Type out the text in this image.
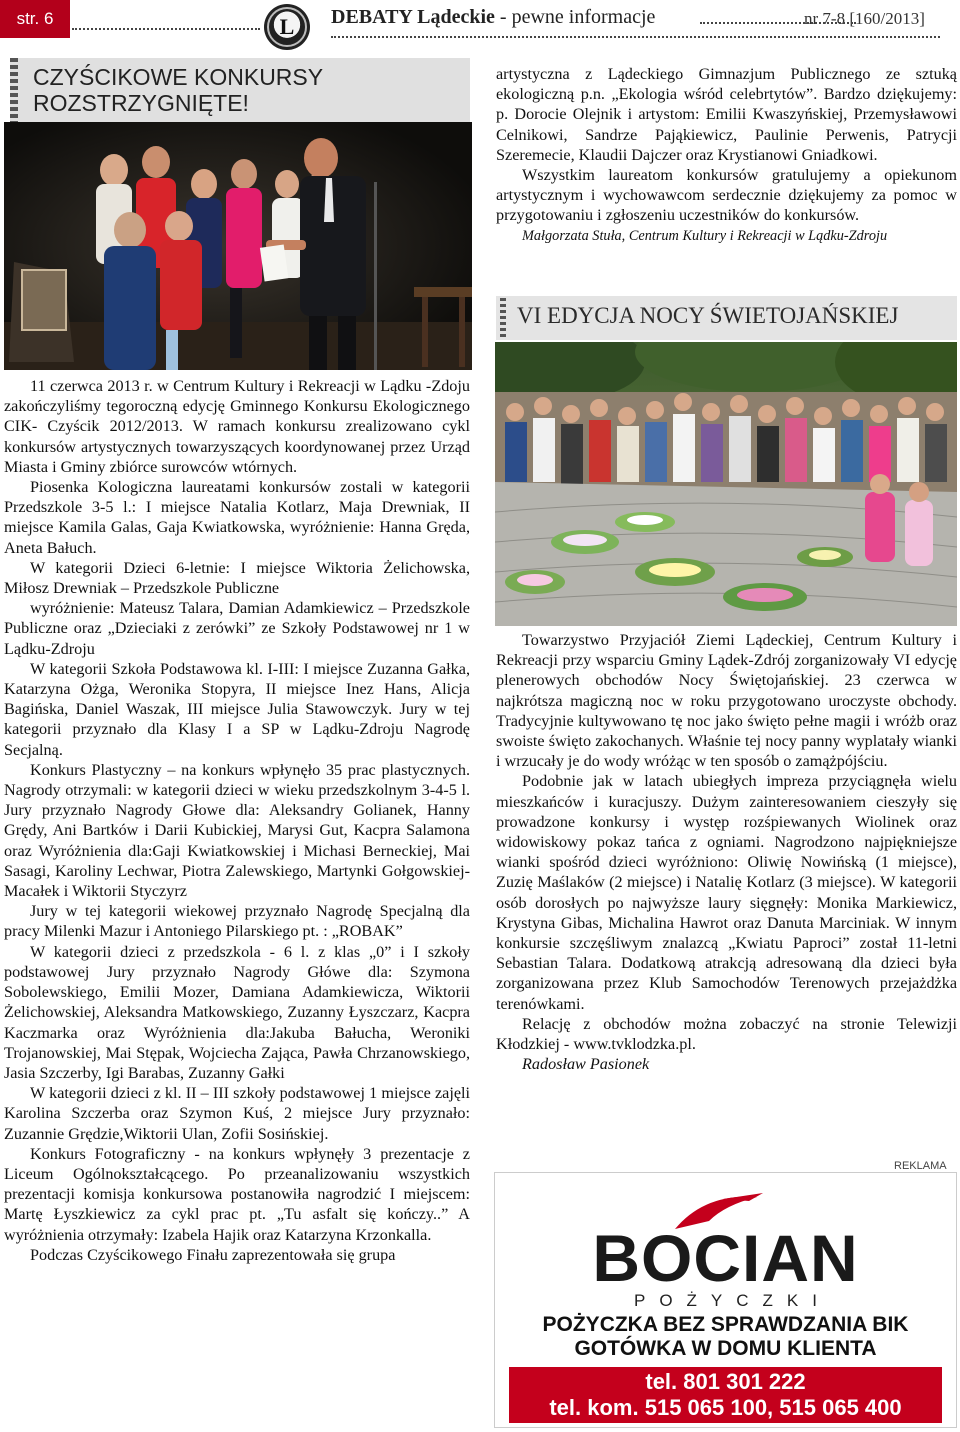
str. 6	L	DEBATY Lądeckie - pewne informacje	nr 7-8 [160/2013]
CZYŚCIKOWE KONKURSY
ROZSTRZYGNIĘTE!

11 czerwca 2013 r. w Centrum Kultury i Rekreacji w Lądku -Zdoju zakończyliśmy tegoroczną edycję Gminnego Konkursu Ekologicznego CIK- Czyścik 2012/2013. W ramach konkursu zrealizowano cykl konkursów artystycznych towarzyszących koordynowanej przez Urząd Miasta i Gminy zbiórce surowców wtórnych.

Piosenka Kologiczna laureatami konkursów zostali w kategorii Przedszkole 3-5 l.: I miejsce Natalia Kotlarz, Maja Drewniak, II miejsce Kamila Galas, Gaja Kwiatkowska, wyróżnienie: Hanna Gręda, Aneta Bałuch.

W kategorii Dzieci 6-letnie: I miejsce Wiktoria Żelichowska, Miłosz Drewniak – Przedszkole Publiczne

wyróżnienie: Mateusz Talara, Damian Adamkiewicz – Przedszkole Publiczne oraz „Dzieciaki z zerówki” ze Szkoły Podstawowej nr 1 w Lądku-Zdroju

W kategorii Szkoła Podstawowa kl. I-III: I miejsce Zuzanna Gałka, Katarzyna Ożga, Weronika Stopyra, II miejsce Inez Hans, Alicja Bagińska, Daniel Waszak, III miejsce Julia Stawowczyk. Jury w tej kategorii przyznało dla Klasy I a SP w Lądku-Zdroju Nagrodę Secjalną.

Konkurs Plastyczny – na konkurs wpłynęło 35 prac plastycznych. Nagrody otrzymali: w kategorii dzieci w wieku przedszkolnym 3-4-5 l. Jury przyznało Nagrody Głowe dla: Aleksandry Golianek, Hanny Grędy, Ani Bartków i Darii Kubickiej, Marysi Gut, Kacpra Salamona oraz Wyróżnienia dla:Gaji Kwiatkowskiej i Michasi Berneckiej, Mai Sasagi, Karoliny Lechwar, Piotra Zalewskiego, Martynki Gołgowskiej-Macałek i Wiktorii Styczyrz

Jury w tej kategorii wiekowej przyznało Nagrodę Specjalną dla pracy Milenki Mazur i Antoniego Pilarskiego pt. : „ROBAK”

W kategorii dzieci z przedszkola - 6 l. z klas „0” i I szkoły podstawowej Jury przyznało Nagrody Główe dla: Szymona Sobolewskiego, Emilii Mozer, Damiana Adamkiewicza, Wiktorii Żelichowskiej, Aleksandra Matkowskiego, Zuzanny Łyszczarz, Kacpra Kaczmarka oraz Wyróżnienia dla:Jakuba Bałucha, Weroniki Trojanowskiej, Mai Stępak, Wojciecha Zająca, Pawła Chrzanowskiego, Jasia Szczerby, Igi Barabas, Zuzanny Gałki

W kategorii dzieci z kl. II – III szkoły podstawowej 1 miejsce zajęli Karolina Szczerba oraz Szymon Kuś, 2 miejsce Jury przyznało: Zuzannie Grędzie,Wiktorii Ulan, Zofii Sosińskiej.

Konkurs Fotograficzny - na konkurs wpłynęły 3 prezentacje z Liceum Ogólnokształcącego. Po przeanalizowaniu wszystkich prezentacji komisja konkursowa postanowiła nagrodzić I miejscem: Martę Łyszkiewicz za cykl prac pt. „Tu asfalt się kończy..” A wyróżnienia otrzymały: Izabela Hajik oraz Katarzyna Krzonkalla.

Podczas Czyścikowego Finału zaprezentowała się grupa

artystyczna z Lądeckiego Gimnazjum Publicznego ze sztuką ekologiczną p.n. „Ekologia wśród celebrtytów”. Bardzo dziękujemy: p. Dorocie Olejnik i artystom: Emilii Kwaszyńskiej, Przemysławowi Celnikowi, Sandrze Pająkiewicz, Paulinie Perwenis, Patrycji Szeremecie, Klaudii Dajczer oraz Krystianowi Gniadkowi.

Wszystkim laureatom konkursów gratulujemy a opiekunom artystycznym i wychowawcom serdecznie dziękujemy za pomoc w przygotowaniu i zgłoszeniu uczestników do konkursów.

Małgorzata Stuła, Centrum Kultury i Rekreacji w Lądku-Zdroju

VI EDYCJA NOCY ŚWIETOJAŃSKIEJ

Towarzystwo Przyjaciół Ziemi Lądeckiej, Centrum Kultury i Rekreacji przy wsparciu Gminy Lądek-Zdrój zorganizowały VI edycję plenerowych obchodów Nocy Świętojańskiej. 23 czerwca w najkrótsza magiczną noc w roku przygotowano uroczyste obchody. Tradycyjnie kultywowano tę noc jako święto pełne magii i wróżb oraz swoiste święto zakochanych. Właśnie tej nocy panny wyplatały wianki i wrzucały je do wody wróżąc w ten sposób o zamążpójściu.

Podobnie jak w latach ubiegłych impreza przyciągnęła wielu mieszkańców i kuracjuszy. Dużym zainteresowaniem cieszyły się prowadzone konkursy i występ rozśpiewanych Wiolinek oraz widowiskowy pokaz tańca z ogniami. Nagrodzono najpiękniejsze wianki spośród dzieci wyróżniono: Oliwię Nowińską (1 miejsce), Zuzię Maślaków (2 miejsce) i Natalię Kotlarz (3 miejsce). W kategorii osób dorosłych po najwyższe laury sięgnęły: Monika Markiewicz, Krystyna Gibas, Michalina Hawrot oraz Danuta Marciniak. W innym konkursie szczęśliwym znalazcą „Kwiatu Paproci” został 11-letni Sebastian Talara. Dodatkową atrakcją adresowaną dla dzieci była zorganizowana przez Klub Samochodów Terenowych przejażdżka terenówkami.

Relację z obchodów można zobaczyć na stronie Telewizji Kłodzkiej - www.tvklodzka.pl.

Radosław Pasionek

REKLAMA
BOCIAN
POŻYCZKI
POŻYCZKA BEZ SPRAWDZANIA BIK
GOTÓWKA W DOMU KLIENTA
tel. 801 301 222
tel. kom. 515 065 100, 515 065 400
